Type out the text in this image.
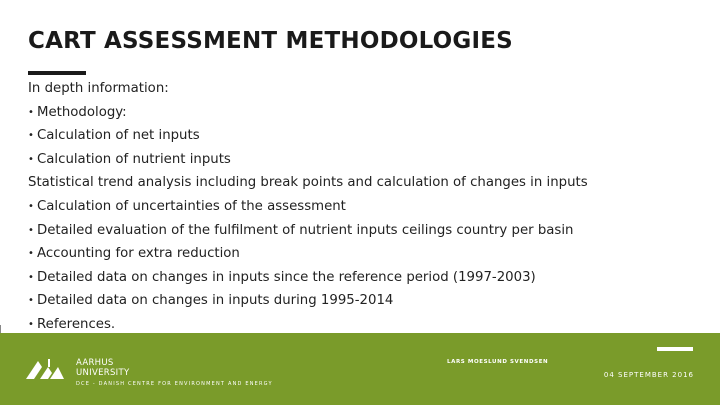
CART ASSESSMENT METHODOLOGIES
In depth information:
• Methodology:
• Calculation of net inputs
• Calculation of nutrient inputs
Statistical trend analysis including break points and calculation of changes in inputs
• Calculation of uncertainties of the assessment
• Detailed evaluation of the fulfilment of nutrient inputs ceilings country per basin
• Accounting for extra reduction
• Detailed data on changes in inputs since the reference period (1997-2003)
• Detailed data on changes in inputs during 1995-2014
• References.
AARHUS
UNIVERSITY
DCE - DANISH CENTRE FOR ENVIRONMENT AND ENERGY
LARS MOESLUND SVENDSEN
04 SEPTEMBER 2016
